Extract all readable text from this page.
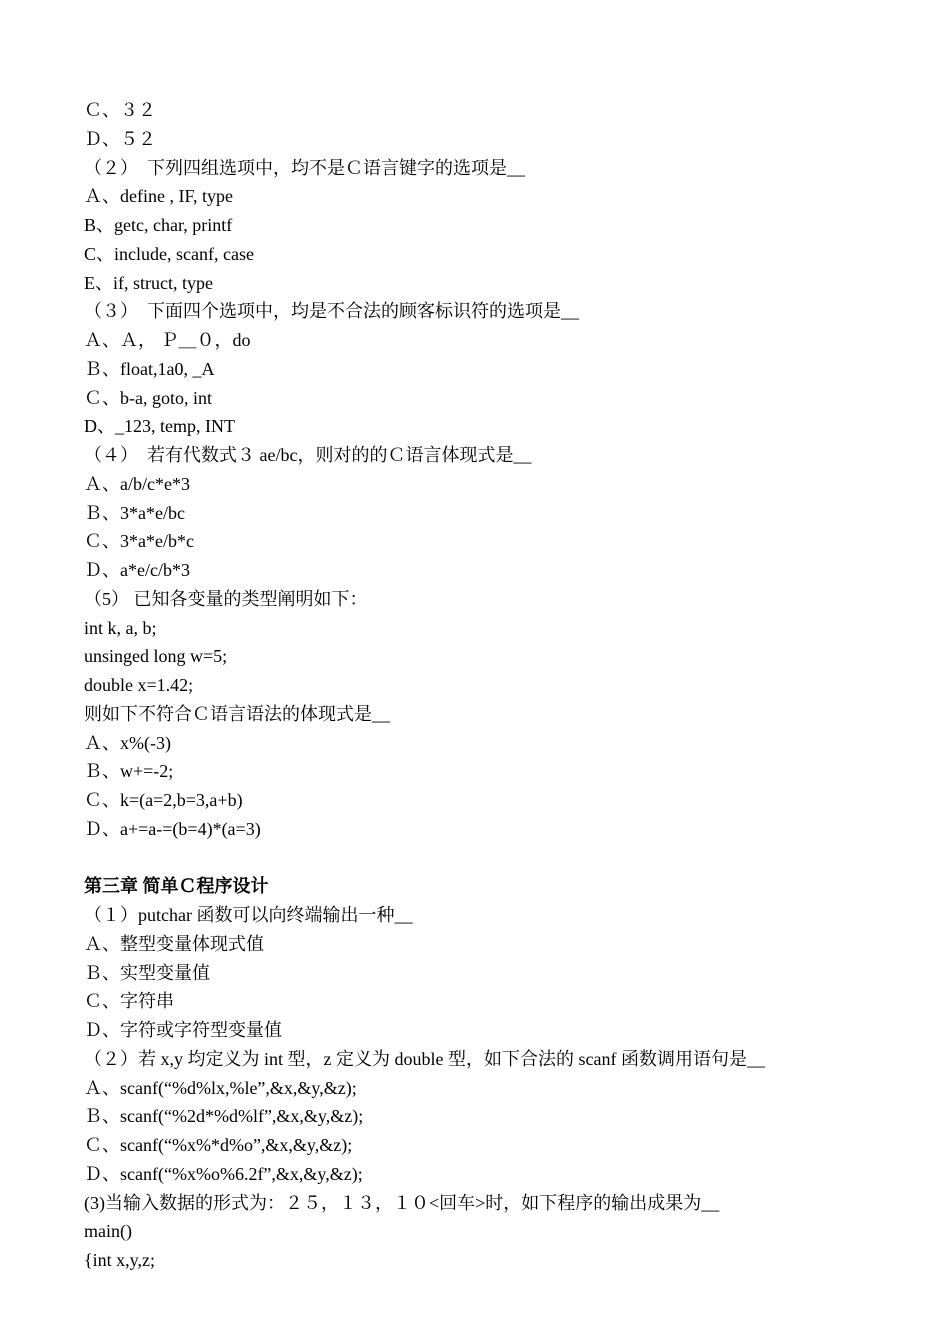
Ｃ、３２
Ｄ、５２
（２）　下列四组选项中，均不是Ｃ语言键字的选项是__
Ａ、define , IF, type
B、getc, char, printf
C、include, scanf, case
E、if, struct, type
（３）　下面四个选项中，均是不合法的顾客标识符的选项是__
Ａ、Ａ， Ｐ＿０，do
Ｂ、float,1a0, _A
Ｃ、b-a, goto, int
D、_123, temp, INT
（４）　若有代数式３ ae/bc，则对的的Ｃ语言体现式是__
Ａ、a/b/c*e*3
Ｂ、3*a*e/bc
Ｃ、3*a*e/b*c
Ｄ、a*e/c/b*3
（5） 已知各变量的类型阐明如下：
int k, a, b;
unsinged long w=5;
double x=1.42;
则如下不符合Ｃ语言语法的体现式是__
Ａ、x%(-3)
Ｂ、w+=-2;
Ｃ、k=(a=2,b=3,a+b)
Ｄ、a+=a-=(b=4)*(a=3)
第三章 简单Ｃ程序设计
（１）putchar 函数可以向终端输出一种__
Ａ、整型变量体现式值
Ｂ、实型变量值
Ｃ、字符串
Ｄ、字符或字符型变量值
（２）若 x,y 均定义为 int 型，z 定义为 double 型，如下合法的 scanf 函数调用语句是__
Ａ、scanf(“%d%lx,%le”,&x,&y,&z);
Ｂ、scanf(“%2d*%d%lf”,&x,&y,&z);
Ｃ、scanf(“%x%*d%o”,&x,&y,&z);
Ｄ、scanf(“%x%o%6.2f”,&x,&y,&z);
(3)当输入数据的形式为：２５，１３，１０<回车>时，如下程序的输出成果为__
main()
{int x,y,z;
